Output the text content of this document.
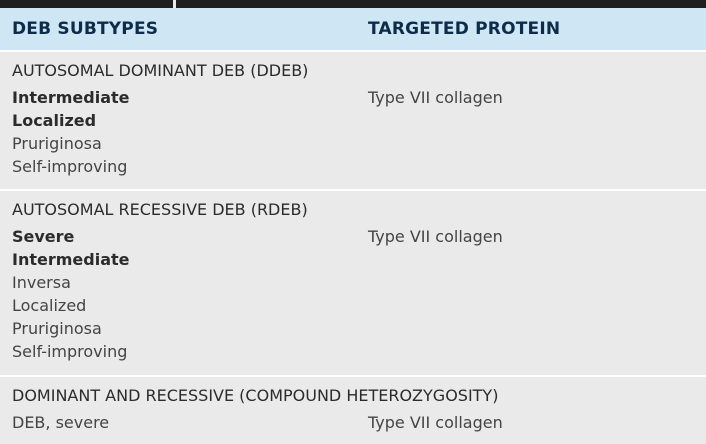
DEB SUBTYPES	TARGETED PROTEIN
AUTOSOMAL DOMINANT DEB (DDEB)
Intermediate
Localized
Pruriginosa
Self-improving
Type VII collagen
AUTOSOMAL RECESSIVE DEB (RDEB)
Severe
Intermediate
Inversa
Localized
Pruriginosa
Self-improving
Type VII collagen
DOMINANT AND RECESSIVE (COMPOUND HETEROZYGOSITY)
DEB, severe	Type VII collagen
